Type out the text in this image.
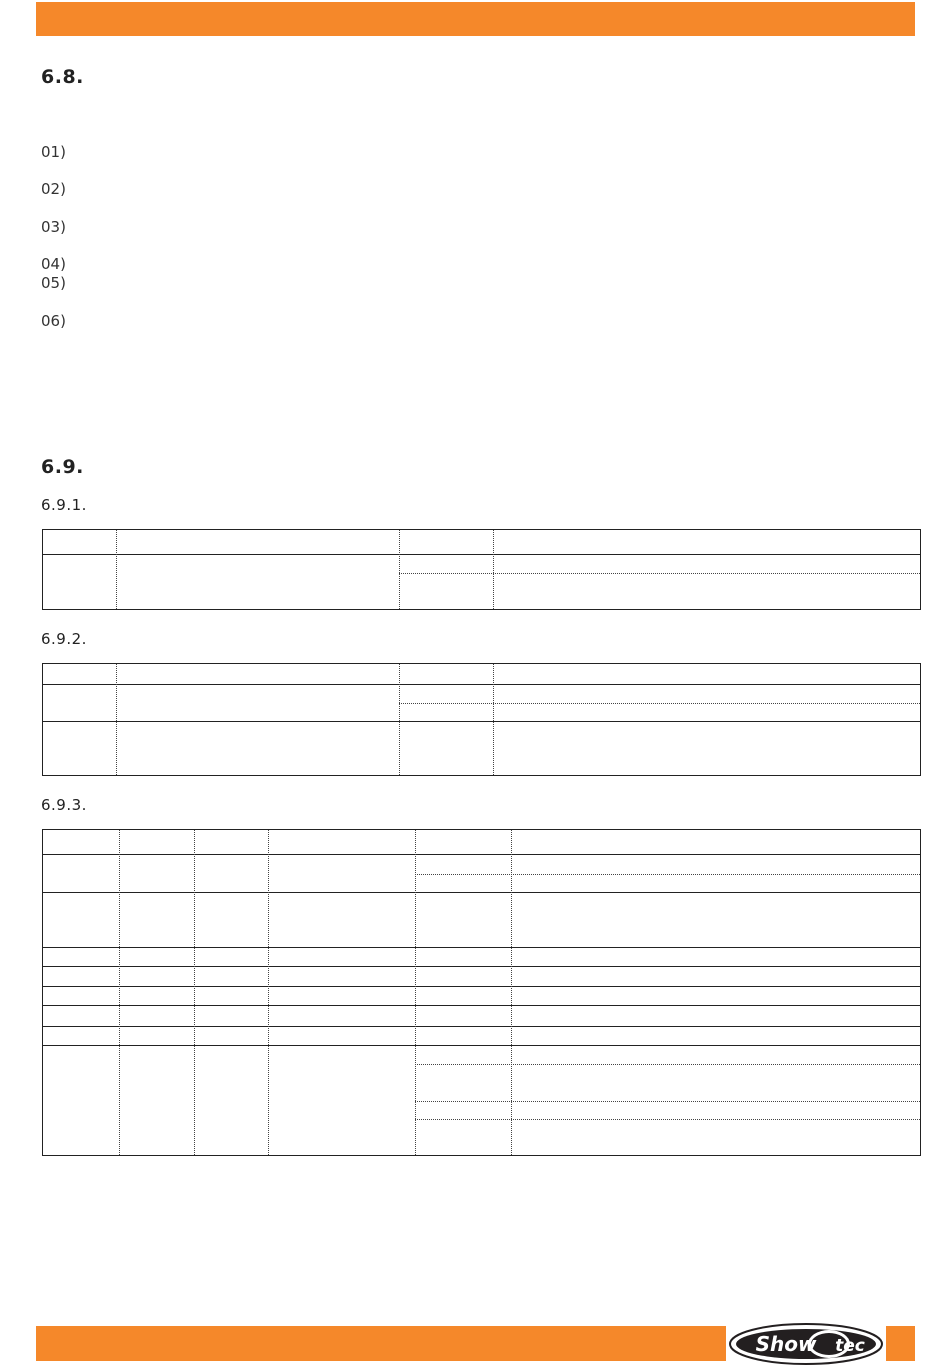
6.8.
01)
02)
03)
04)
05)
06)
6.9.
6.9.1.
6.9.2.
6.9.3.
Show tec
